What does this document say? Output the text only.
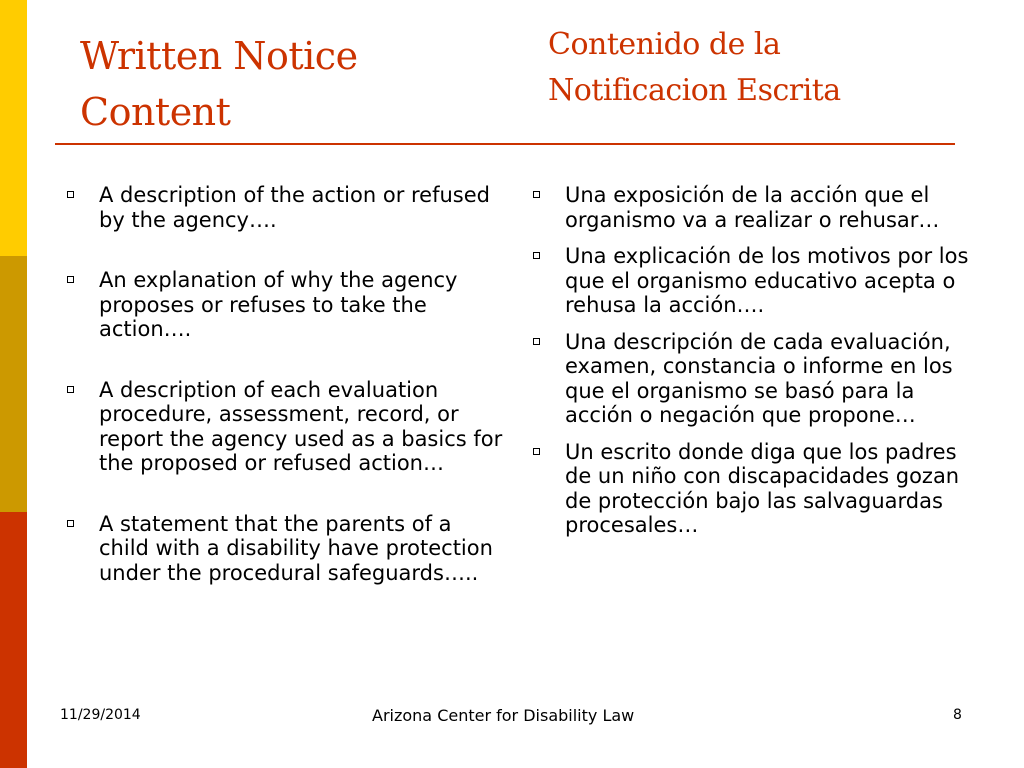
Written Notice
Content
Contenido de la
Notificacion Escrita
A description of the action or refused by the agency….
An explanation of why the agency proposes or refuses to take the action….
A description of each evaluation procedure, assessment, record, or report the agency used as a basics for the proposed or refused action…
A statement that the parents of a child with a disability have protection under the procedural safeguards…..
Una exposición de la acción que el organismo va a realizar o rehusar…
Una explicación de los motivos por los que el organismo educativo acepta o rehusa la acción….
Una descripción de cada evaluación, examen, constancia o informe en los que el organismo se basó para la acción o negación que propone…
Un escrito donde diga que los padres de un niño con discapacidades gozan de protección bajo las salvaguardas procesales…
11/29/2014	Arizona Center for Disability Law	8
